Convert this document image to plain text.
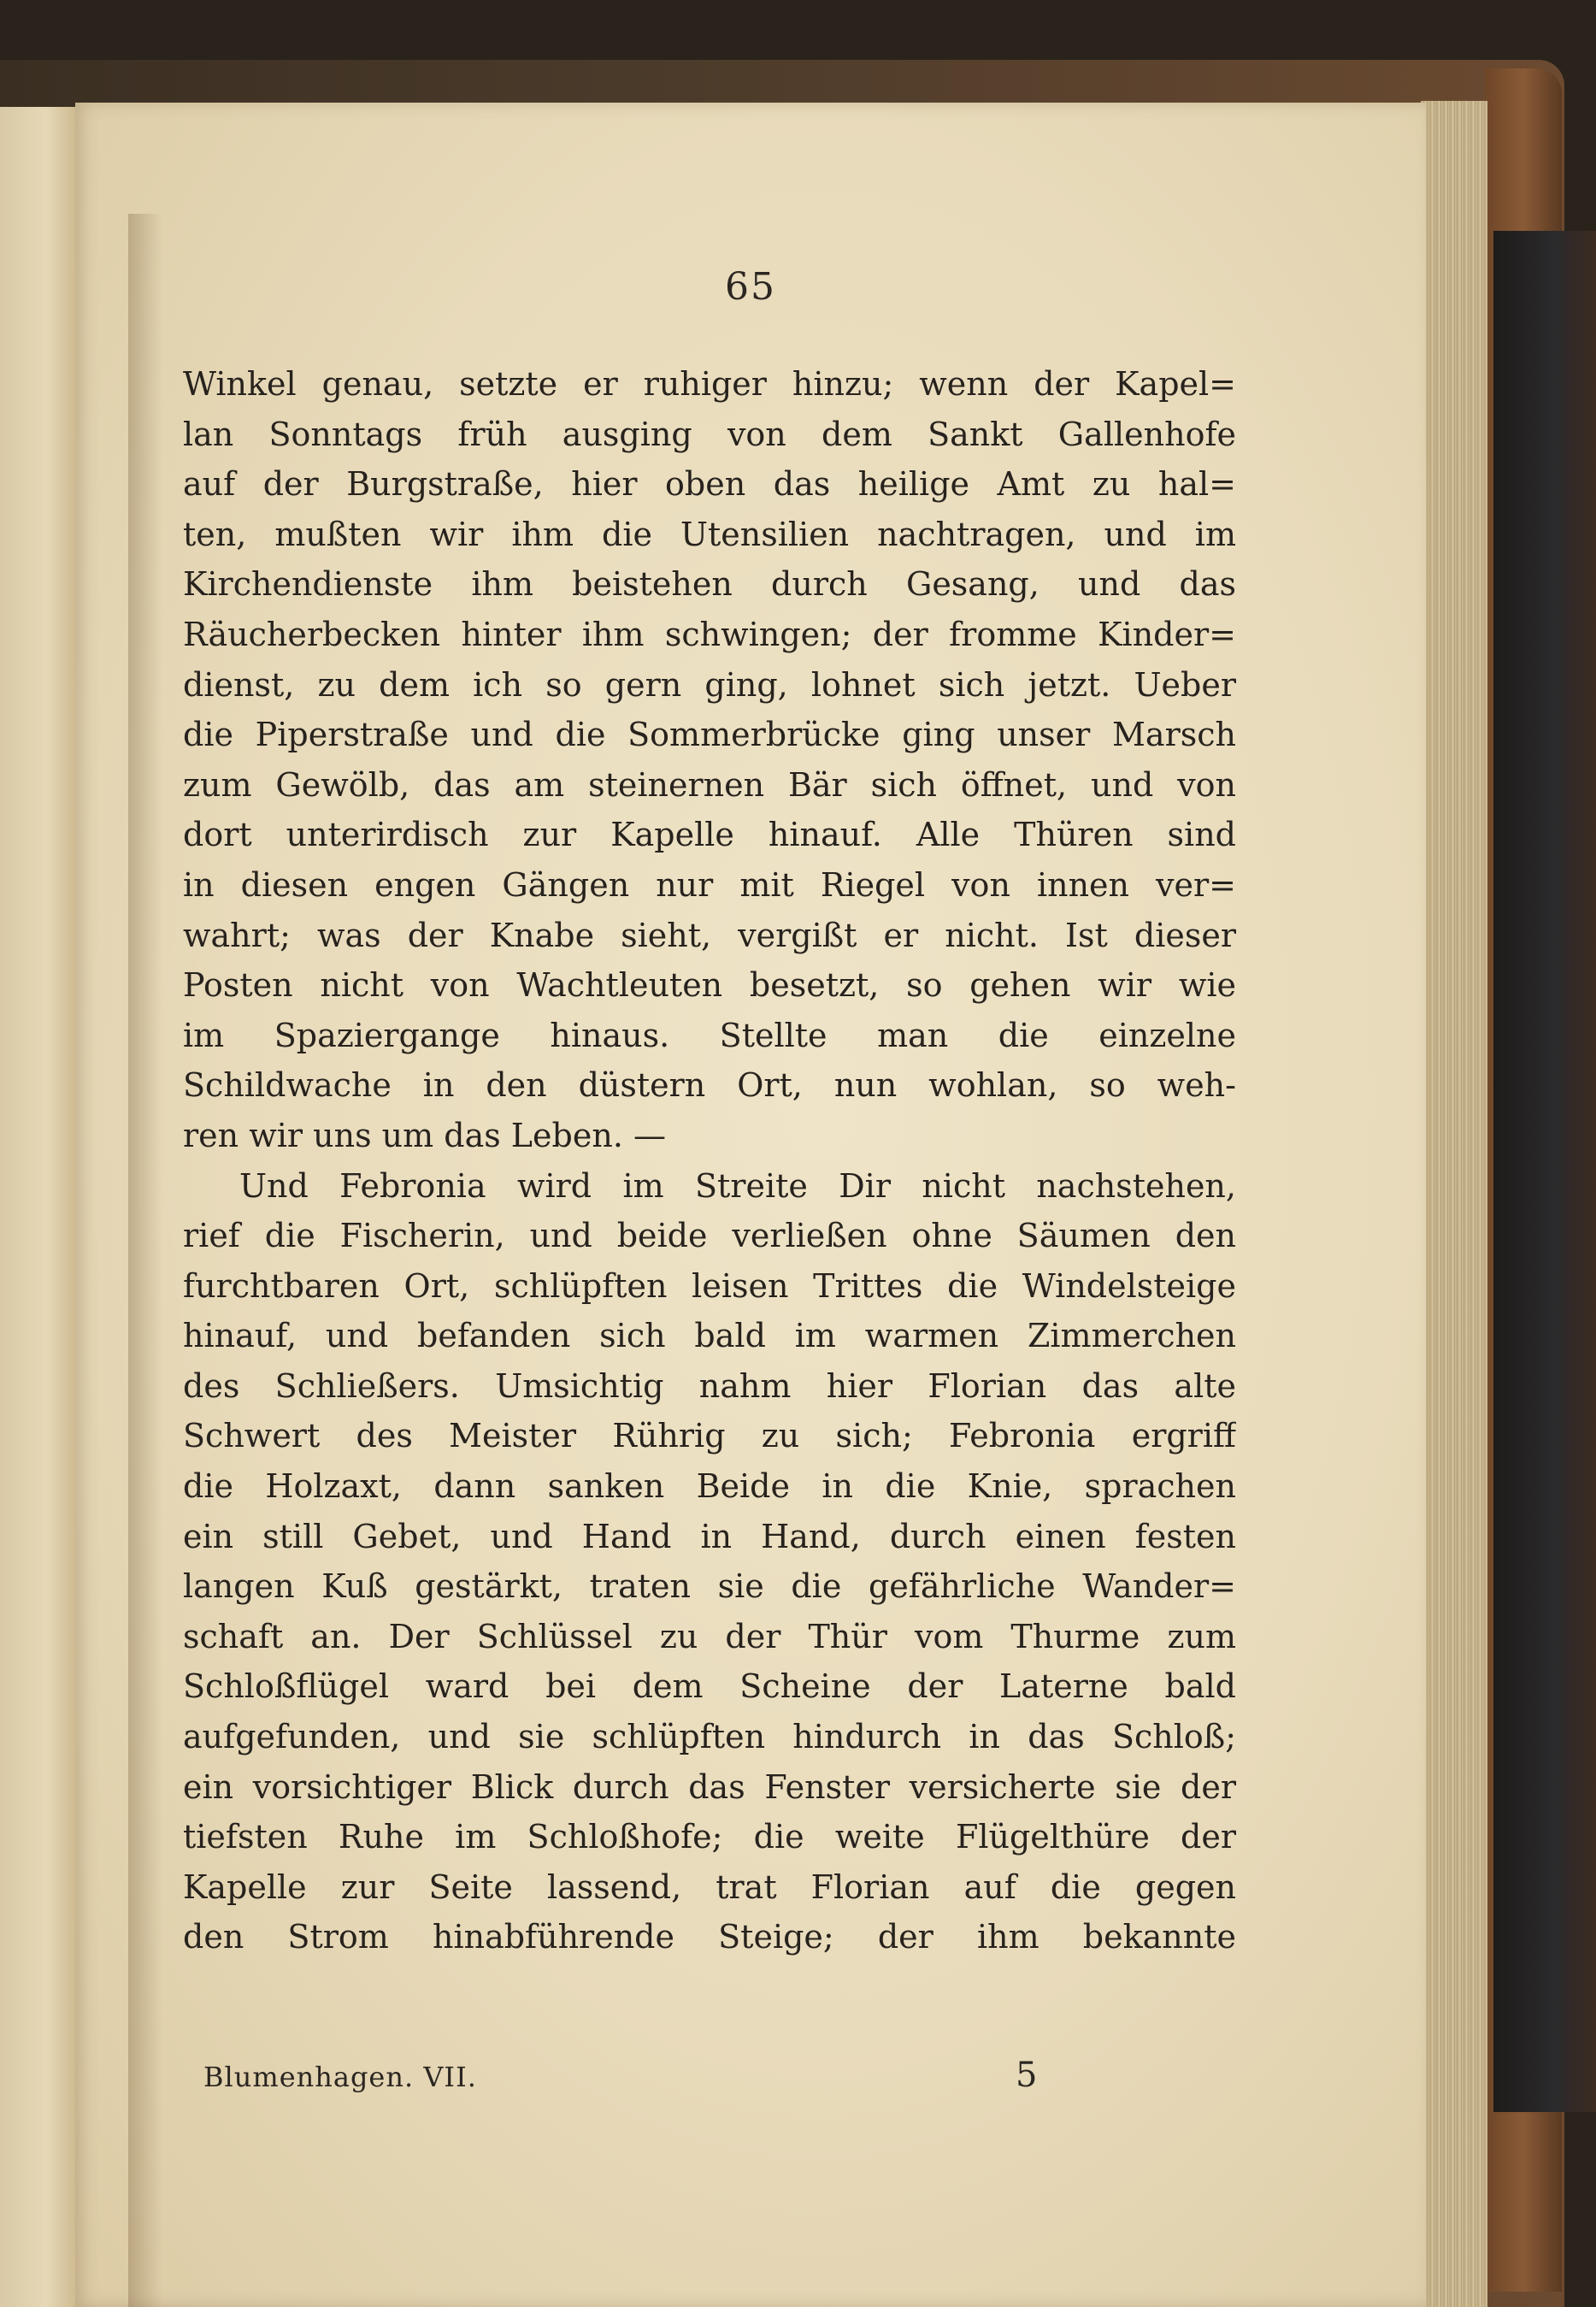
65
Winkel genau, setzte er ruhiger hinzu; wenn der Kapel=
lan Sonntags früh ausging von dem Sankt Gallenhofe
auf der Burgstraße, hier oben das heilige Amt zu hal=
ten, mußten wir ihm die Utensilien nachtragen, und im
Kirchendienste ihm beistehen durch Gesang, und das
Räucherbecken hinter ihm schwingen; der fromme Kinder=
dienst, zu dem ich so gern ging, lohnet sich jetzt. Ueber
die Piperstraße und die Sommerbrücke ging unser Marsch
zum Gewölb, das am steinernen Bär sich öffnet, und von
dort unterirdisch zur Kapelle hinauf. Alle Thüren sind
in diesen engen Gängen nur mit Riegel von innen ver=
wahrt; was der Knabe sieht, vergißt er nicht. Ist dieser
Posten nicht von Wachtleuten besetzt, so gehen wir wie
im Spaziergange hinaus. Stellte man die einzelne
Schildwache in den düstern Ort, nun wohlan, so weh-
ren wir uns um das Leben. —
Und Febronia wird im Streite Dir nicht nachstehen,
rief die Fischerin, und beide verließen ohne Säumen den
furchtbaren Ort, schlüpften leisen Trittes die Windelsteige
hinauf, und befanden sich bald im warmen Zimmerchen
des Schließers. Umsichtig nahm hier Florian das alte
Schwert des Meister Rührig zu sich; Febronia ergriff
die Holzaxt, dann sanken Beide in die Knie, sprachen
ein still Gebet, und Hand in Hand, durch einen festen
langen Kuß gestärkt, traten sie die gefährliche Wander=
schaft an. Der Schlüssel zu der Thür vom Thurme zum
Schloßflügel ward bei dem Scheine der Laterne bald
aufgefunden, und sie schlüpften hindurch in das Schloß;
ein vorsichtiger Blick durch das Fenster versicherte sie der
tiefsten Ruhe im Schloßhofe; die weite Flügelthüre der
Kapelle zur Seite lassend, trat Florian auf die gegen
den Strom hinabführende Steige; der ihm bekannte
Blumenhagen. VII.	5
